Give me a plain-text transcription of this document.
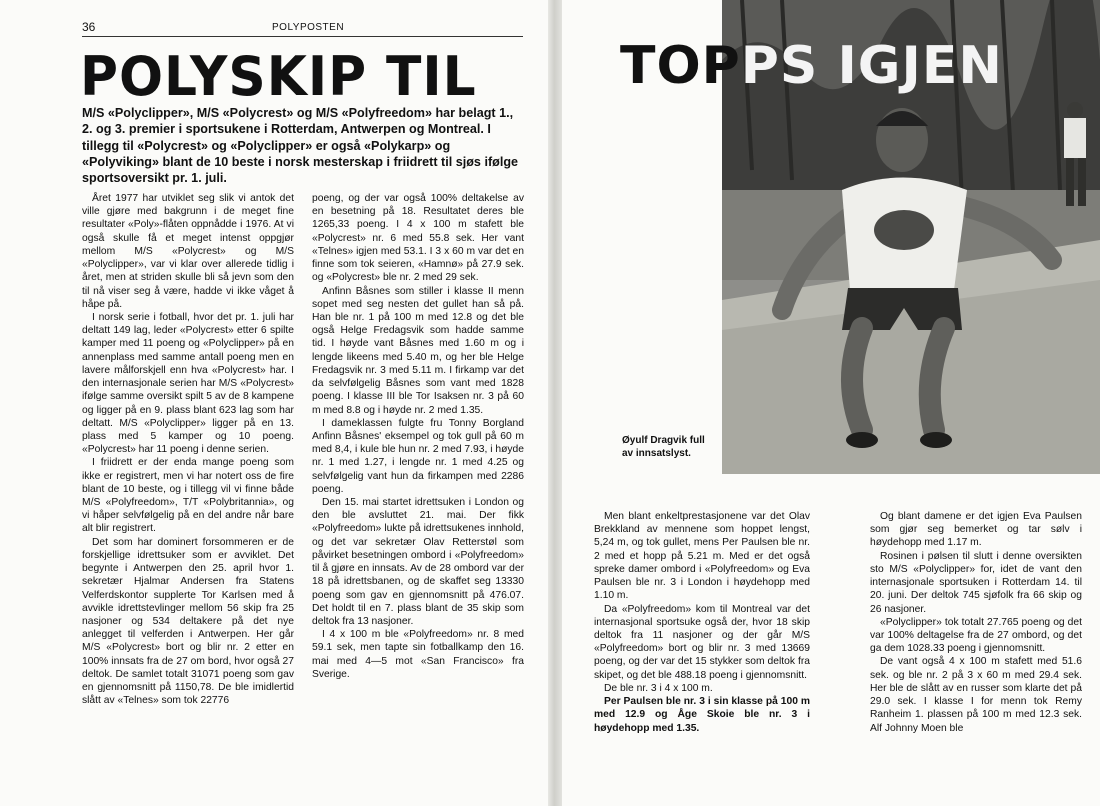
36	POLYPOSTEN
POLYSKIP TIL
M/S «Polyclipper», M/S «Polycrest» og M/S «Polyfreedom» har belagt 1., 2. og 3. premier i sportsukene i Rotterdam, Antwerpen og Montreal. I tillegg til «Polycrest» og «Polyclipper» er også «Polykarp» og «Polyviking» blant de 10 beste i norsk mesterskap i friidrett til sjøs ifølge sportsoversikt pr. 1. juli.

Året 1977 har utviklet seg slik vi antok det ville gjøre med bakgrunn i de meget fine resultater «Poly»-flåten oppnådde i 1976. At vi også skulle få et meget intenst oppgjør mellom M/S «Polycrest» og M/S «Polyclipper», var vi klar over allerede tidlig i året, men at striden skulle bli så jevn som den til nå viser seg å være, hadde vi ikke våget å håpe på.

I norsk serie i fotball, hvor det pr. 1. juli har deltatt 149 lag, leder «Polycrest» etter 6 spilte kamper med 11 poeng og «Polyclipper» på en annenplass med samme antall poeng men en lavere målforskjell enn hva «Polycrest» har. I den internasjonale serien har M/S «Polycrest» ifølge samme oversikt spilt 5 av de 8 kampene og ligger på en 9. plass blant 623 lag som har deltatt. M/S «Polyclipper» ligger på en 13. plass med 5 kamper og 10 poeng. «Polycrest» har 11 poeng i denne serien.

I friidrett er der enda mange poeng som ikke er registrert, men vi har notert oss de fire blant de 10 beste, og i tillegg vil vi finne både M/S «Polyfreedom», T/T «Polybritannia», og vi håper selvfølgelig på en del andre når bare alt blir registrert.

Det som har dominert forsommeren er de forskjellige idrettsuker som er avviklet. Det begynte i Antwerpen den 25. april hvor 1. sekretær Hjalmar Andersen fra Statens Velferdskontor supplerte Tor Karlsen med å avvikle idrettstevlinger mellom 56 skip fra 25 nasjoner og 534 deltakere på det nye anlegget til velferden i Antwerpen. Her går M/S «Polycrest» bort og blir nr. 2 etter en 100% innsats fra de 27 om bord, hvor også 27 deltok. De samlet totalt 31071 poeng som gav en gjennomsnitt på 1150,78. De ble imidlertid slått av «Telnes» som tok 22776

poeng, og der var også 100% deltakelse av en besetning på 18. Resultatet deres ble 1265,33 poeng. I 4 x 100 m stafett ble «Polycrest» nr. 6 med 55.8 sek. Her vant «Telnes» igjen med 53.1. I 3 x 60 m var det en finne som tok seieren, «Hamnø» på 27.9 sek. og «Polycrest» ble nr. 2 med 29 sek.

Anfinn Båsnes som stiller i klasse II menn sopet med seg nesten det gullet han så på. Han ble nr. 1 på 100 m med 12.8 og det ble også Helge Fredagsvik som hadde samme tid. I høyde vant Båsnes med 1.60 m og i lengde likeens med 5.40 m, og her ble Helge Fredagsvik nr. 3 med 5.11 m. I firkamp var det da selvfølgelig Båsnes som vant med 1828 poeng. I klasse III ble Tor Isaksen nr. 3 på 60 m med 8.8 og i høyde nr. 2 med 1.35.

I dameklassen fulgte fru Tonny Borgland Anfinn Båsnes' eksempel og tok gull på 60 m med 8,4, i kule ble hun nr. 2 med 7.93, i høyde nr. 1 med 1.27, i lengde nr. 1 med 4.25 og selvfølgelig vant hun da firkampen med 2286 poeng.

Den 15. mai startet idrettsuken i London og den ble avsluttet 21. mai. Der fikk «Polyfreedom» lukte på idrettsukenes innhold, og det var sekretær Olav Retterstøl som påvirket besetningen ombord i «Polyfreedom» til å gjøre en innsats. Av de 28 ombord var der 18 på idrettsbanen, og de skaffet seg 13330 poeng som gav en gjennomsnitt på 476.07. Det holdt til en 7. plass blant de 35 skip som deltok fra 13 nasjoner.

I 4 x 100 m ble «Polyfreedom» nr. 8 med 59.1 sek, men tapte sin fotballkamp den 16. mai med 4—5 mot «San Francisco» fra Sverige.

TOPPS IGJEN
Øyulf Dragvik full av innsatslyst.

Men blant enkeltprestasjonene var det Olav Brekkland av mennene som hoppet lengst, 5,24 m, og tok gullet, mens Per Paulsen ble nr. 2 med et hopp på 5.21 m. Med er det også spreke damer ombord i «Polyfreedom» og Eva Paulsen ble nr. 3 i London i høydehopp med 1.10 m.

Da «Polyfreedom» kom til Montreal var det internasjonal sportsuke også der, hvor 18 skip deltok fra 11 nasjoner og der går M/S «Polyfreedom» bort og blir nr. 3 med 13669 poeng, og der var det 15 stykker som deltok fra skipet, og det ble 488.18 poeng i gjennomsnitt.

De ble nr. 3 i 4 x 100 m.

Per Paulsen ble nr. 3 i sin klasse på 100 m med 12.9 og Åge Skoie ble nr. 3 i høydehopp med 1.35.

Og blant damene er det igjen Eva Paulsen som gjør seg bemerket og tar sølv i høydehopp med 1.17 m.

Rosinen i pølsen til slutt i denne oversikten sto M/S «Polyclipper» for, idet de vant den internasjonale sportsuken i Rotterdam 14. til 20. juni. Der deltok 745 sjøfolk fra 66 skip og 26 nasjoner.

«Polyclipper» tok totalt 27.765 poeng og det var 100% deltagelse fra de 27 ombord, og det ga dem 1028.33 poeng i gjennomsnitt.

De vant også 4 x 100 m stafett med 51.6 sek. og ble nr. 2 på 3 x 60 m med 29.4 sek. Her ble de slått av en russer som klarte det på 29.0 sek. I klasse I for menn tok Remy Ranheim 1. plassen på 100 m med 12.3 sek. Alf Johnny Moen ble
